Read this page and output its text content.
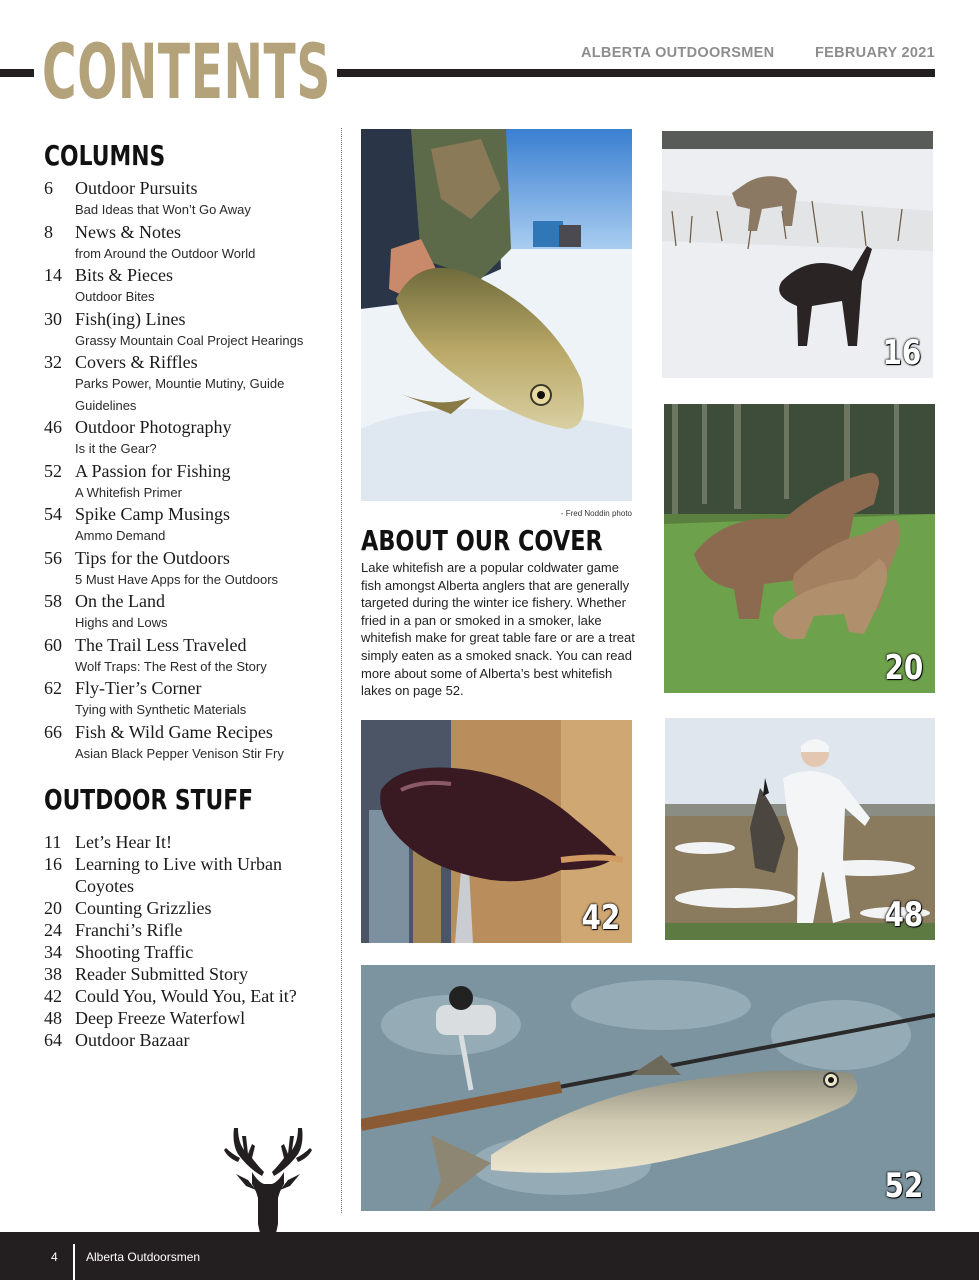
CONTENTS	ALBERTA OUTDOORSMEN	FEBRUARY 2021
COLUMNS
6	Outdoor Pursuits
Bad Ideas that Won’t Go Away
8	News & Notes
from Around the Outdoor World
14 Bits & Pieces
Outdoor Bites
30 Fish(ing) Lines
Grassy Mountain Coal Project Hearings
32 Covers & Riffles
Parks Power, Mountie Mutiny, Guide Guidelines
46 Outdoor Photography
Is it the Gear?
52 A Passion for Fishing
A Whitefish Primer
54 Spike Camp Musings
Ammo Demand
56 Tips for the Outdoors
5 Must Have Apps for the Outdoors
58 On the Land
Highs and Lows
60 The Trail Less Traveled
Wolf Traps: The Rest of the Story
62 Fly-Tier’s Corner
Tying with Synthetic Materials
66 Fish & Wild Game Recipes
Asian Black Pepper Venison Stir Fry
OUTDOOR STUFF
11 Let’s Hear It!
16 Learning to Live with Urban Coyotes
20 Counting Grizzlies
24 Franchi’s Rifle
34 Shooting Traffic
38 Reader Submitted Story
42 Could You, Would You, Eat it?
48 Deep Freeze Waterfowl
64 Outdoor Bazaar
16
- Fred Noddin photo
ABOUT OUR COVER
Lake whitefish are a popular coldwater game fish amongst Alberta anglers that are generally targeted during the winter ice fishery. Whether fried in a pan or smoked in a smoker, lake whitefish make for great table fare or are a treat simply eaten as a smoked snack. You can read more about some of Alberta’s best whitefish lakes on page 52.
20
42	48
52
4 Alberta Outdoorsmen
